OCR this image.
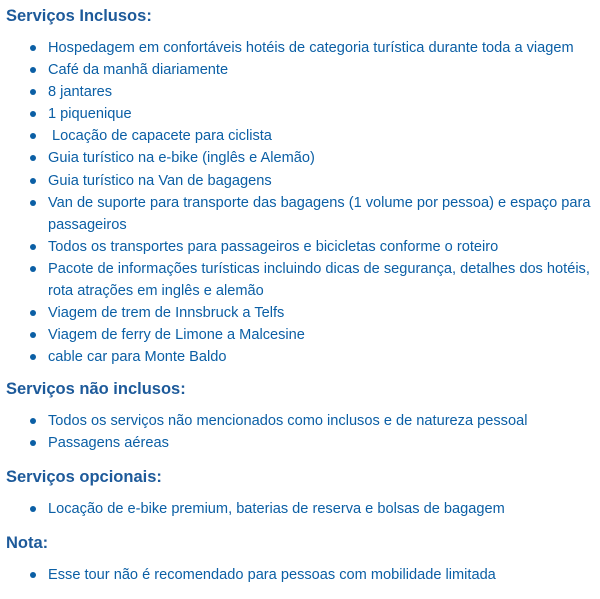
Serviços Inclusos:
Hospedagem em confortáveis hotéis de categoria turística durante toda a viagem
Café da manhã diariamente
8 jantares
1 piquenique
Locação de capacete para ciclista
Guia turístico na e-bike (inglês e Alemão)
Guia turístico na Van de bagagens
Van de suporte para transporte das bagagens (1 volume por pessoa) e espaço para passageiros
Todos os transportes para passageiros e bicicletas conforme o roteiro
Pacote de informações turísticas incluindo dicas de segurança, detalhes dos hotéis, rota atrações em inglês e alemão
Viagem de trem de Innsbruck a Telfs
Viagem de ferry de Limone a Malcesine
cable car para Monte Baldo
Serviços não inclusos:
Todos os serviços não mencionados como inclusos e de natureza pessoal
Passagens aéreas
Serviços opcionais:
Locação de e-bike premium, baterias de reserva e bolsas de bagagem
Nota:
Esse tour não é recomendado para pessoas com mobilidade limitada
